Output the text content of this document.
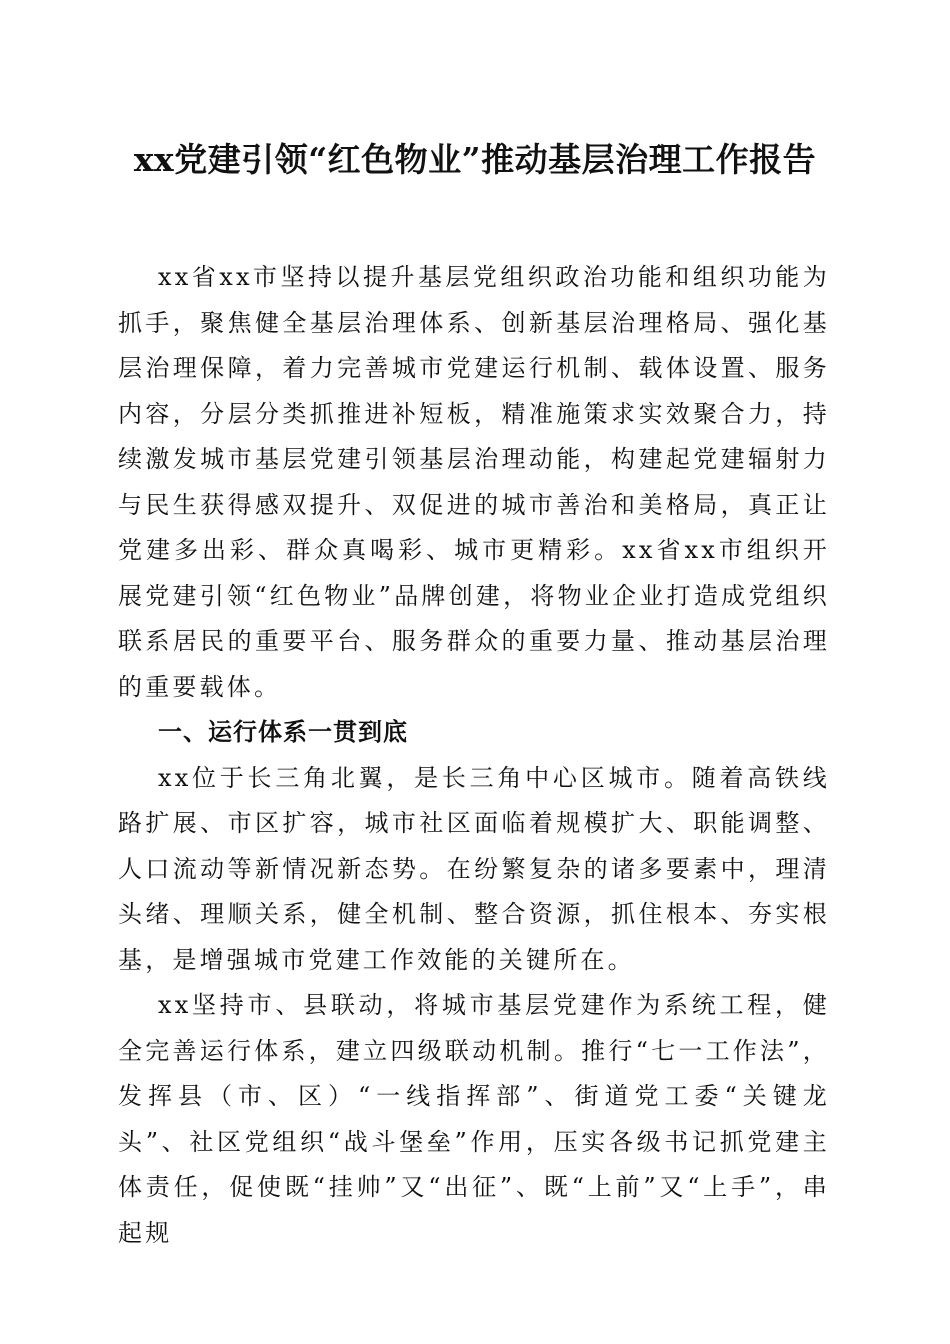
xx党建引领“红色物业”推动基层治理工作报告

xx省xx市坚持以提升基层党组织政治功能和组织功能为抓手，聚焦健全基层治理体系、创新基层治理格局、强化基层治理保障，着力完善城市党建运行机制、载体设置、服务内容，分层分类抓推进补短板，精准施策求实效聚合力，持续激发城市基层党建引领基层治理动能，构建起党建辐射力与民生获得感双提升、双促进的城市善治和美格局，真正让党建多出彩、群众真喝彩、城市更精彩。xx省xx市组织开展党建引领“红色物业”品牌创建，将物业企业打造成党组织联系居民的重要平台、服务群众的重要力量、推动基层治理的重要载体。

一、运行体系一贯到底

xx位于长三角北翼，是长三角中心区城市。随着高铁线路扩展、市区扩容，城市社区面临着规模扩大、职能调整、人口流动等新情况新态势。在纷繁复杂的诸多要素中，理清头绪、理顺关系，健全机制、整合资源，抓住根本、夯实根基，是增强城市党建工作效能的关键所在。

xx坚持市、县联动，将城市基层党建作为系统工程，健全完善运行体系，建立四级联动机制。推行“七一工作法”，发挥县（市、区）“一线指挥部”、街道党工委“关键龙头”、社区党组织“战斗堡垒”作用，压实各级书记抓党建主体责任，促使既“挂帅”又“出征”、既“上前”又“上手”，串起规
